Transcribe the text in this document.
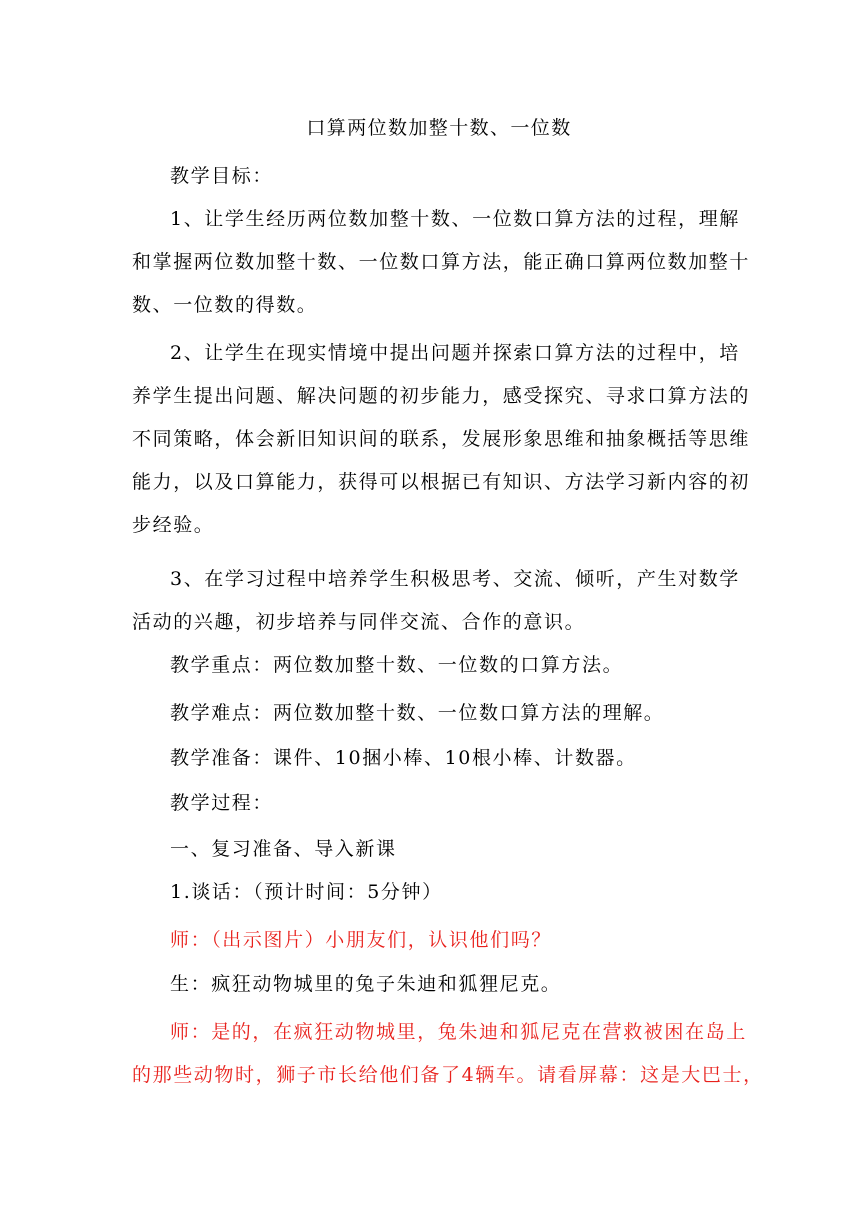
口算两位数加整十数、一位数
教学目标：
1、让学生经历两位数加整十数、一位数口算方法的过程，理解
和掌握两位数加整十数、一位数口算方法，能正确口算两位数加整十
数、一位数的得数。
2、让学生在现实情境中提出问题并探索口算方法的过程中，培
养学生提出问题、解决问题的初步能力，感受探究、寻求口算方法的
不同策略，体会新旧知识间的联系，发展形象思维和抽象概括等思维
能力，以及口算能力，获得可以根据已有知识、方法学习新内容的初
步经验。
3、在学习过程中培养学生积极思考、交流、倾听，产生对数学
活动的兴趣，初步培养与同伴交流、合作的意识。
教学重点：两位数加整十数、一位数的口算方法。
教学难点：两位数加整十数、一位数口算方法的理解。
教学准备：课件、10捆小棒、10根小棒、计数器。
教学过程：
一、复习准备、导入新课
1.谈话：（预计时间：5分钟）
师：（出示图片）小朋友们，认识他们吗？
生：疯狂动物城里的兔子朱迪和狐狸尼克。
师：是的，在疯狂动物城里，兔朱迪和狐尼克在营救被困在岛上
的那些动物时，狮子市长给他们备了4辆车。请看屏幕：这是大巴士，
